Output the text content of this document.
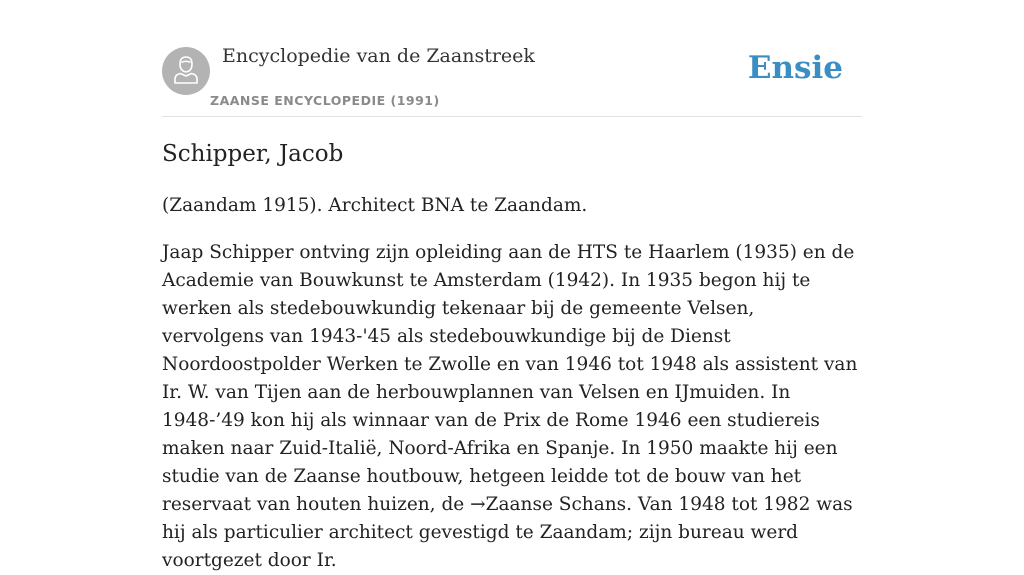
Encyclopedie van de Zaanstreek
ZAANSE ENCYCLOPEDIE (1991)
Ensie
Schipper, Jacob

(Zaandam 1915). Architect BNA te Zaandam.

Jaap Schipper ontving zijn opleiding aan de HTS te Haarlem (1935) en de Academie van Bouwkunst te Amsterdam (1942). In 1935 begon hij te werken als stedebouwkundig tekenaar bij de gemeente Velsen, vervolgens van 1943-'45 als stedebouwkundige bij de Dienst Noordoostpolder Werken te Zwolle en van 1946 tot 1948 als assistent van Ir. W. van Tijen aan de herbouwplannen van Velsen en IJmuiden. In 1948-’49 kon hij als winnaar van de Prix de Rome 1946 een studiereis maken naar Zuid-Italië, Noord-Afrika en Spanje. In 1950 maakte hij een studie van de Zaanse houtbouw, hetgeen leidde tot de bouw van het reservaat van houten huizen, de →Zaanse Schans. Van 1948 tot 1982 was hij als particulier architect gevestigd te Zaandam; zijn bureau werd voortgezet door Ir.
